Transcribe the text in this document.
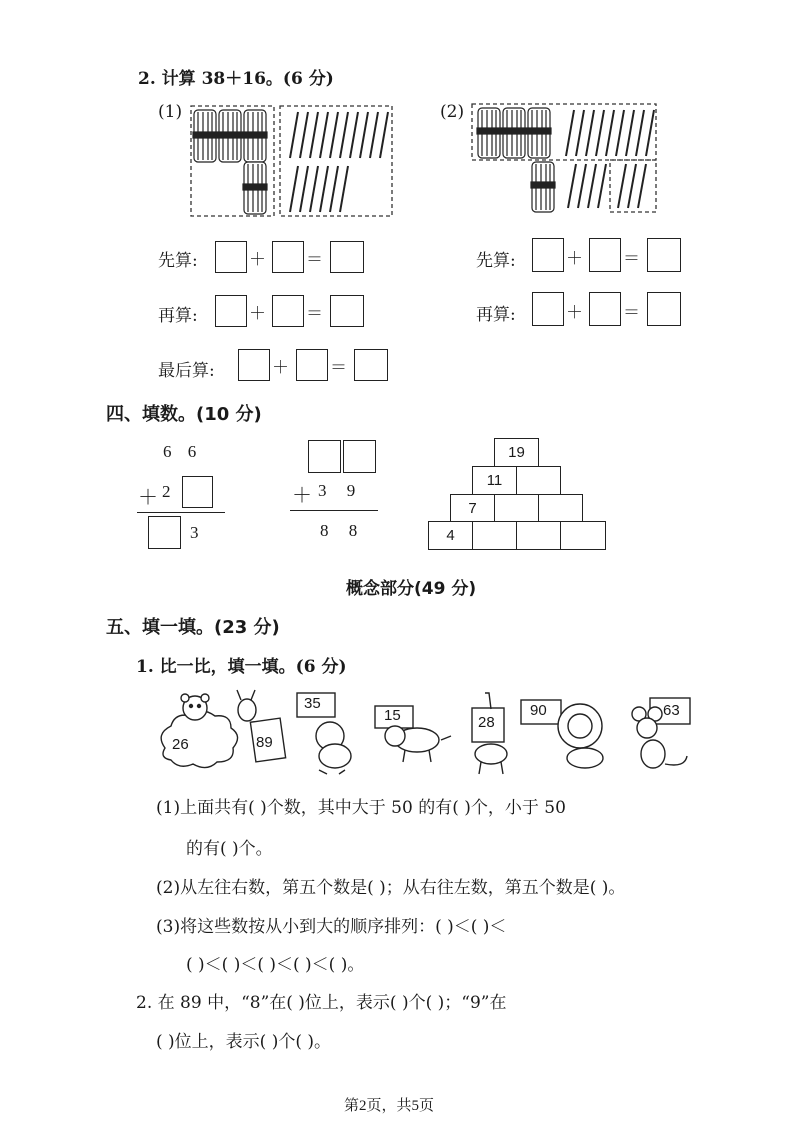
2. 计算 38＋16。(6 分)
(1)	(2)
先算:	＋ ＝
再算:	＋ ＝
最后算:	＋ ＝
先算:	＋ ＝
再算:	＋ ＝
四、填数。(10 分)
6 6
＋ 2
3
＋ 3 9
8 8
19
11
7
4
概念部分(49 分)
五、填一填。(23 分)
1. 比一比，填一填。(6 分)
26	89
35
15	28
90	63
(1)上面共有( )个数，其中大于 50 的有( )个，小于 50
的有( )个。
(2)从左往右数，第五个数是( )；从右往左数，第五个数是( )。
(3)将这些数按从小到大的顺序排列：( )＜( )＜
( )＜( )＜( )＜( )＜( )。
2. 在 89 中，“8”在( )位上，表示( )个( )；“9”在
( )位上，表示( )个( )。
第2页，共5页
